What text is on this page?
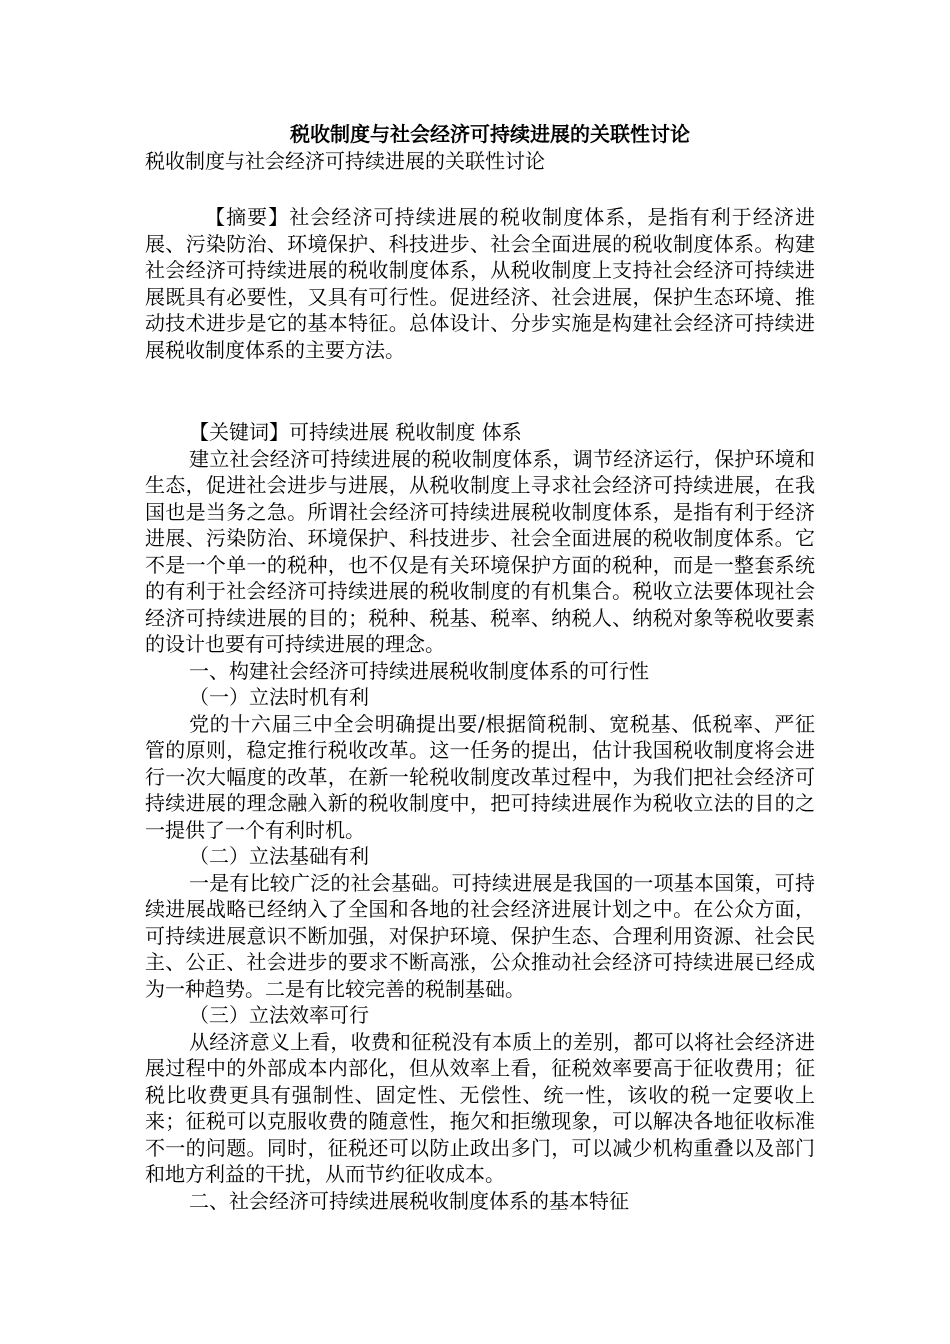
税收制度与社会经济可持续进展的关联性讨论

税收制度与社会经济可持续进展的关联性讨论

【摘要】社会经济可持续进展的税收制度体系，是指有利于经济进展、污染防治、环境保护、科技进步、社会全面进展的税收制度体系。构建社会经济可持续进展的税收制度体系，从税收制度上支持社会经济可持续进展既具有必要性，又具有可行性。促进经济、社会进展，保护生态环境、推动技术进步是它的基本特征。总体设计、分步实施是构建社会经济可持续进展税收制度体系的主要方法。

【关键词】可持续进展 税收制度 体系

建立社会经济可持续进展的税收制度体系，调节经济运行，保护环境和生态，促进社会进步与进展，从税收制度上寻求社会经济可持续进展，在我国也是当务之急。所谓社会经济可持续进展税收制度体系，是指有利于经济进展、污染防治、环境保护、科技进步、社会全面进展的税收制度体系。它不是一个单一的税种，也不仅是有关环境保护方面的税种，而是一整套系统的有利于社会经济可持续进展的税收制度的有机集合。税收立法要体现社会经济可持续进展的目的；税种、税基、税率、纳税人、纳税对象等税收要素的设计也要有可持续进展的理念。

一、构建社会经济可持续进展税收制度体系的可行性

（一）立法时机有利

党的十六届三中全会明确提出要/根据简税制、宽税基、低税率、严征管的原则，稳定推行税收改革。这一任务的提出，估计我国税收制度将会进行一次大幅度的改革，在新一轮税收制度改革过程中，为我们把社会经济可持续进展的理念融入新的税收制度中，把可持续进展作为税收立法的目的之一提供了一个有利时机。

（二）立法基础有利

一是有比较广泛的社会基础。可持续进展是我国的一项基本国策，可持续进展战略已经纳入了全国和各地的社会经济进展计划之中。在公众方面，可持续进展意识不断加强，对保护环境、保护生态、合理利用资源、社会民主、公正、社会进步的要求不断高涨，公众推动社会经济可持续进展已经成为一种趋势。二是有比较完善的税制基础。

（三）立法效率可行

从经济意义上看，收费和征税没有本质上的差别，都可以将社会经济进展过程中的外部成本内部化，但从效率上看，征税效率要高于征收费用；征税比收费更具有强制性、固定性、无偿性、统一性，该收的税一定要收上来；征税可以克服收费的随意性，拖欠和拒缴现象，可以解决各地征收标准不一的问题。同时，征税还可以防止政出多门，可以减少机构重叠以及部门和地方利益的干扰，从而节约征收成本。

二、社会经济可持续进展税收制度体系的基本特征
